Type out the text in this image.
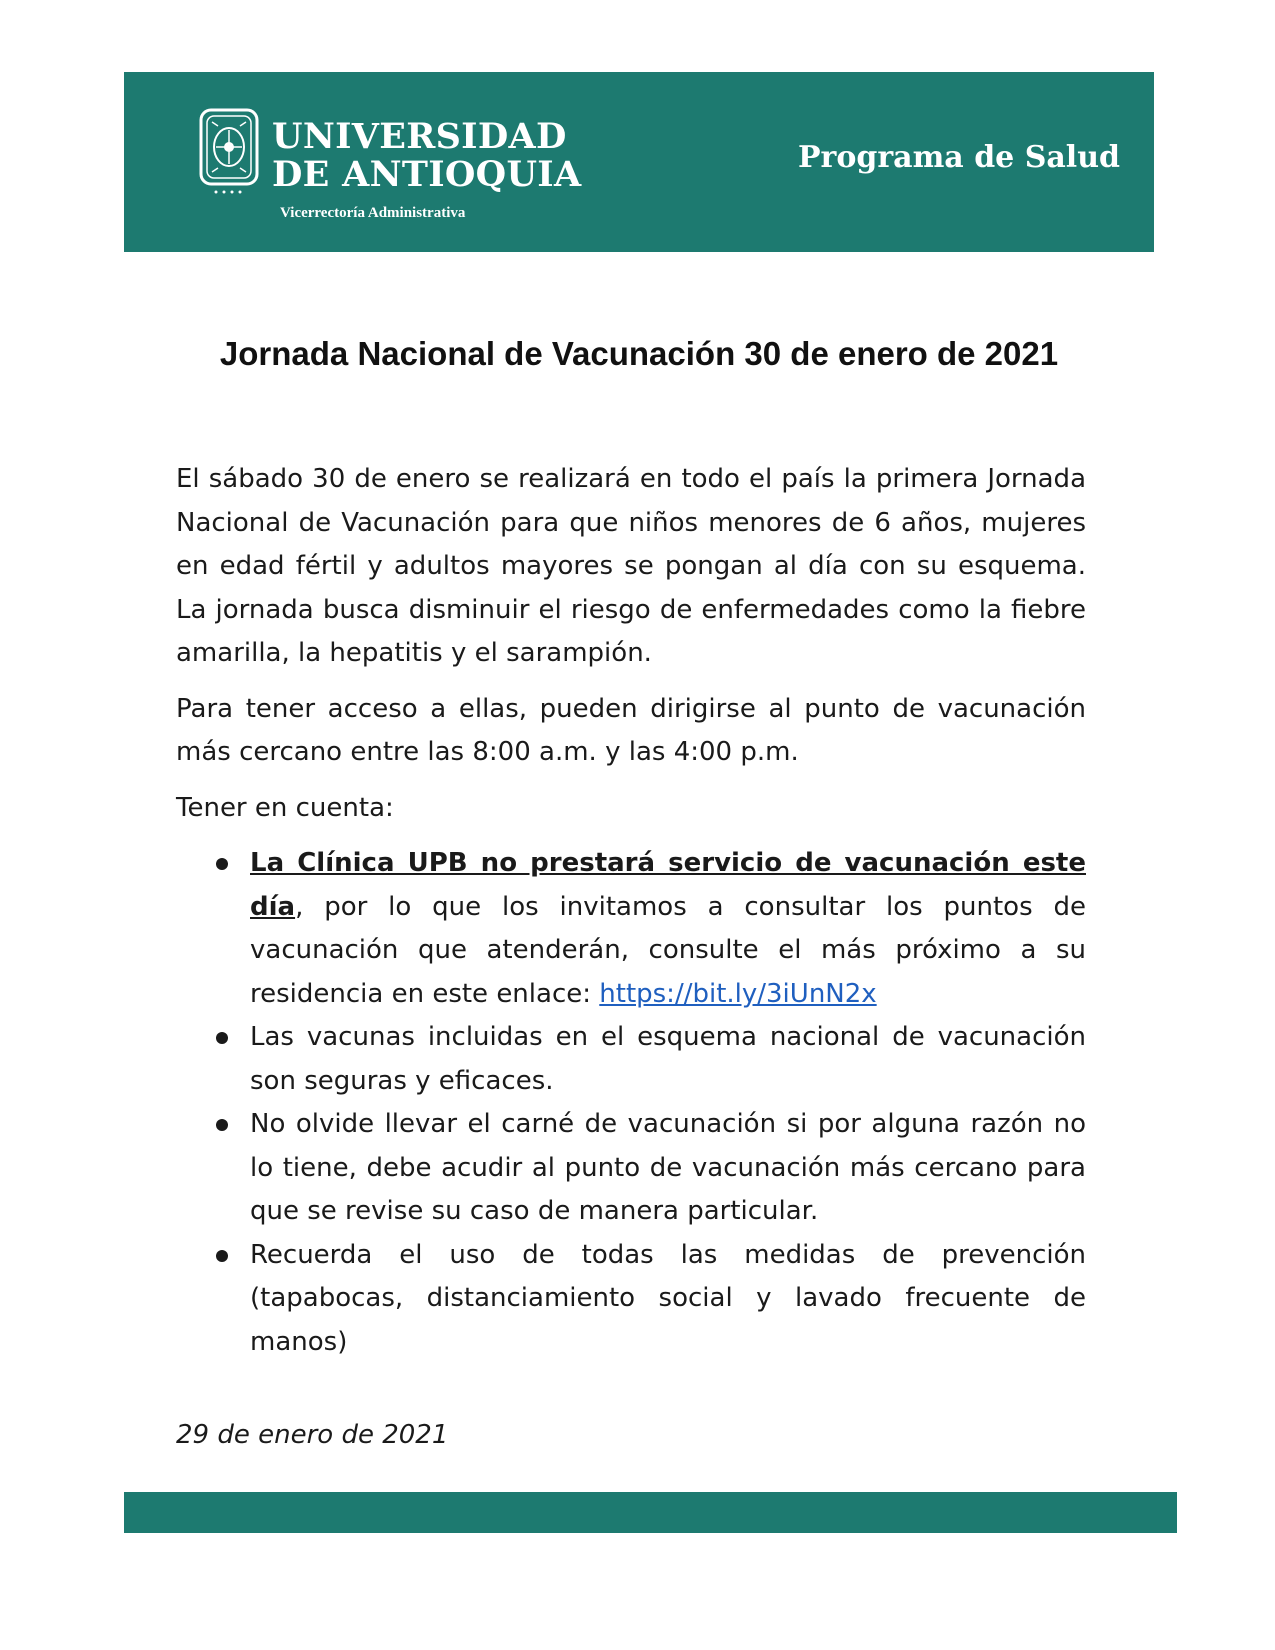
UNIVERSIDAD
DE ANTIOQUIA
Vicerrectoría Administrativa
Programa de Salud
Jornada Nacional de Vacunación 30 de enero de 2021

El sábado 30 de enero se realizará en todo el país la primera Jornada Nacional de Vacunación para que niños menores de 6 años, mujeres en edad fértil y adultos mayores se pongan al día con su esquema. La jornada busca disminuir el riesgo de enfermedades como la fiebre amarilla, la hepatitis y el sarampión.

Para tener acceso a ellas, pueden dirigirse al punto de vacunación más cercano entre las 8:00 a.m. y las 4:00 p.m.

Tener en cuenta:

La Clínica UPB no prestará servicio de vacunación este día, por lo que los invitamos a consultar los puntos de vacunación que atenderán, consulte el más próximo a su residencia en este enlace: https://bit.ly/3iUnN2x
Las vacunas incluidas en el esquema nacional de vacunación son seguras y eficaces.
No olvide llevar el carné de vacunación si por alguna razón no lo tiene, debe acudir al punto de vacunación más cercano para que se revise su caso de manera particular.
Recuerda el uso de todas las medidas de prevención (tapabocas, distanciamiento social y lavado frecuente de manos)
29 de enero de 2021
